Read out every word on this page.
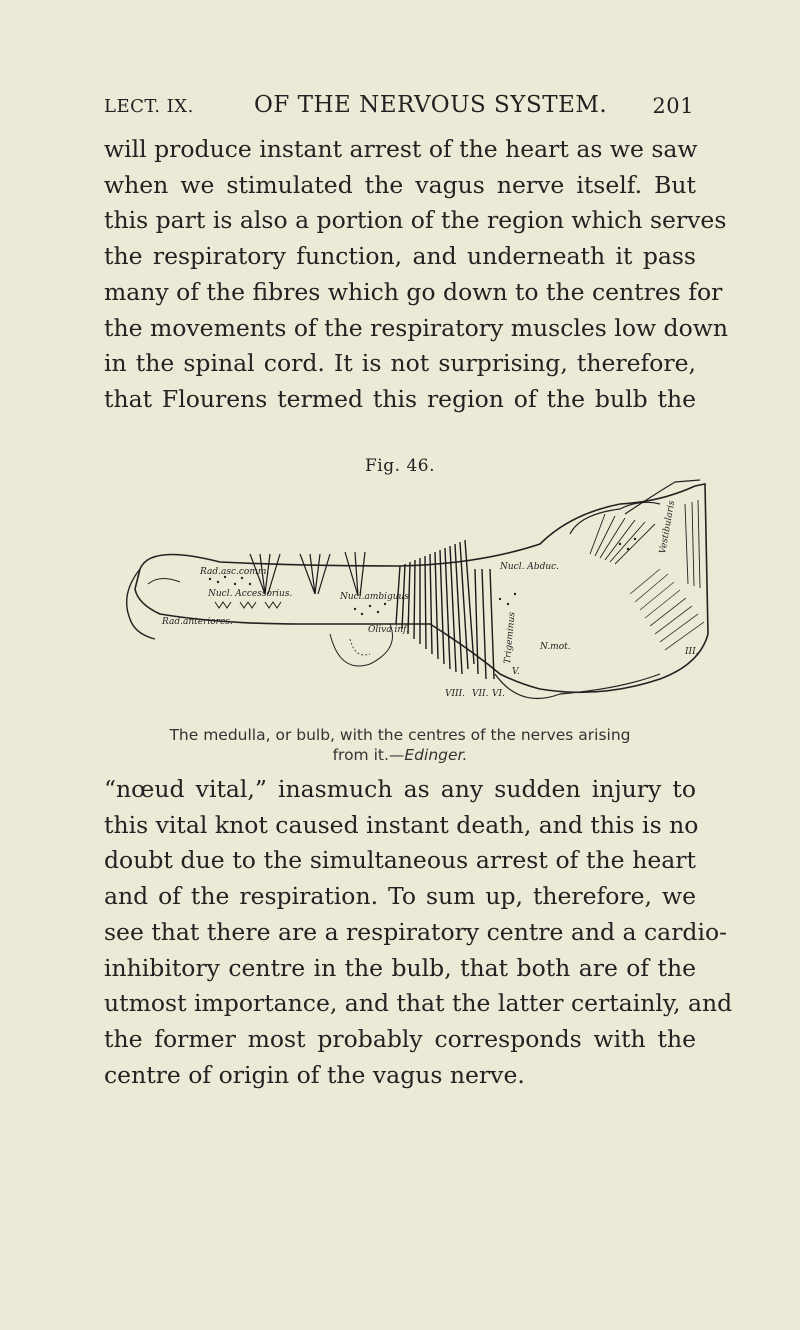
LECT. IX.	OF THE NERVOUS SYSTEM. 201

will produce instant arrest of the heart as we saw
when we stimulated the vagus nerve itself. But
this part is also a portion of the region which serves
the respiratory function, and underneath it pass
many of the fibres which go down to the centres for
the movements of the respiratory muscles low down
in the spinal cord. It is not surprising, therefore,
that Flourens termed this region of the bulb the

Fig. 46.
Rad.asc.comm.
Nucl. Accessorius.
Rad.anteriores.
Nucl. Abduc.
Nucl.ambiguus
Oliva inf.
N.mot.
Vestibularis
III.
VIII. VII. VI.
V.
Trigeminus
The medulla, or bulb, with the centres of the nerves arising
from it.—Edinger.

“nœud vital,” inasmuch as any sudden injury to
this vital knot caused instant death, and this is no
doubt due to the simultaneous arrest of the heart
and of the respiration. To sum up, therefore, we
see that there are a respiratory centre and a cardio-
inhibitory centre in the bulb, that both are of the
utmost importance, and that the latter certainly, and
the former most probably corresponds with the
centre of origin of the vagus nerve.
